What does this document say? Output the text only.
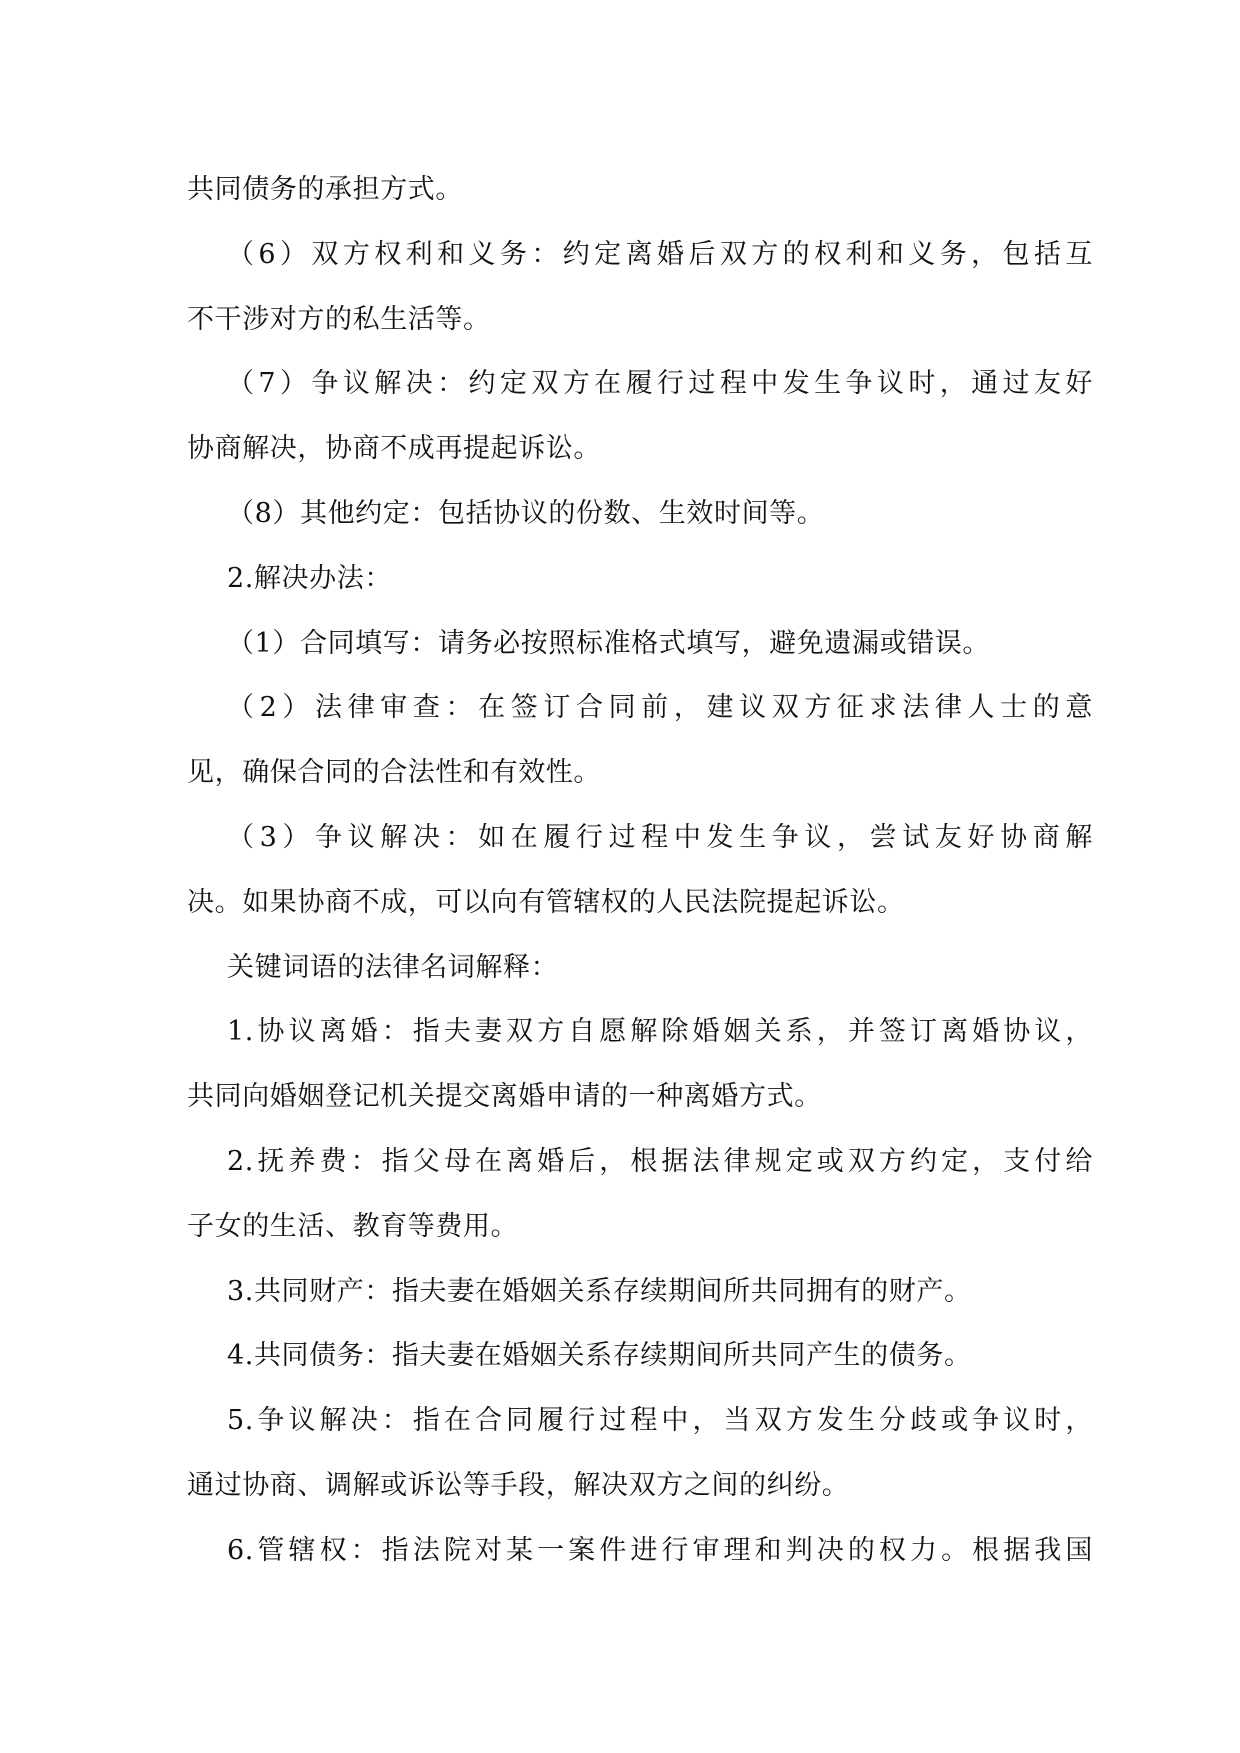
共同债务的承担方式。
（6）双方权利和义务：约定离婚后双方的权利和义务，包括互
不干涉对方的私生活等。
（7）争议解决：约定双方在履行过程中发生争议时，通过友好
协商解决，协商不成再提起诉讼。
（8）其他约定：包括协议的份数、生效时间等。
2.解决办法：
（1）合同填写：请务必按照标准格式填写，避免遗漏或错误。
（2）法律审查：在签订合同前，建议双方征求法律人士的意
见，确保合同的合法性和有效性。
（3）争议解决：如在履行过程中发生争议，尝试友好协商解
决。如果协商不成，可以向有管辖权的人民法院提起诉讼。
关键词语的法律名词解释：
1.协议离婚：指夫妻双方自愿解除婚姻关系，并签订离婚协议，
共同向婚姻登记机关提交离婚申请的一种离婚方式。
2.抚养费：指父母在离婚后，根据法律规定或双方约定，支付给
子女的生活、教育等费用。
3.共同财产：指夫妻在婚姻关系存续期间所共同拥有的财产。
4.共同债务：指夫妻在婚姻关系存续期间所共同产生的债务。
5.争议解决：指在合同履行过程中，当双方发生分歧或争议时，
通过协商、调解或诉讼等手段，解决双方之间的纠纷。
6.管辖权：指法院对某一案件进行审理和判决的权力。根据我国
